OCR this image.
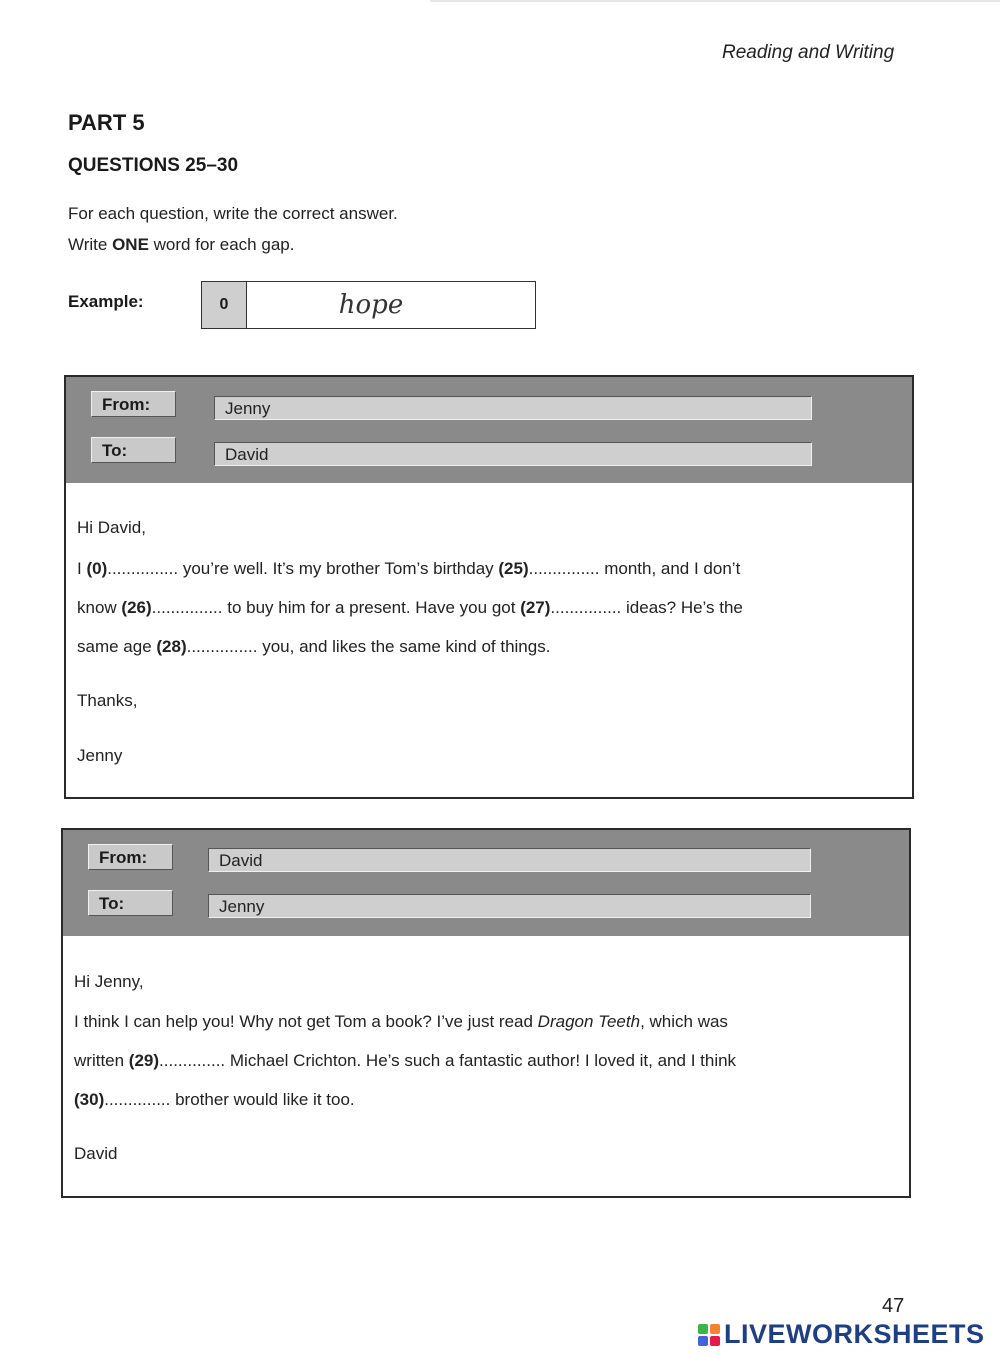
Reading and Writing
PART 5
QUESTIONS 25–30
For each question, write the correct answer.
Write ONE word for each gap.
Example:	0	hope
From:	Jenny
To:	David
Hi David,
I (0)............... you’re well. It’s my brother Tom’s birthday (25)............... month, and I don’t
know (26)............... to buy him for a present. Have you got (27)............... ideas? He’s the
same age (28)............... you, and likes the same kind of things.
Thanks,
Jenny
From:	David
To:	Jenny
Hi Jenny,
I think I can help you! Why not get Tom a book? I’ve just read Dragon Teeth, which was
written (29).............. Michael Crichton. He’s such a fantastic author! I loved it, and I think
(30).............. brother would like it too.
David
47
LIVEWORKSHEETS
